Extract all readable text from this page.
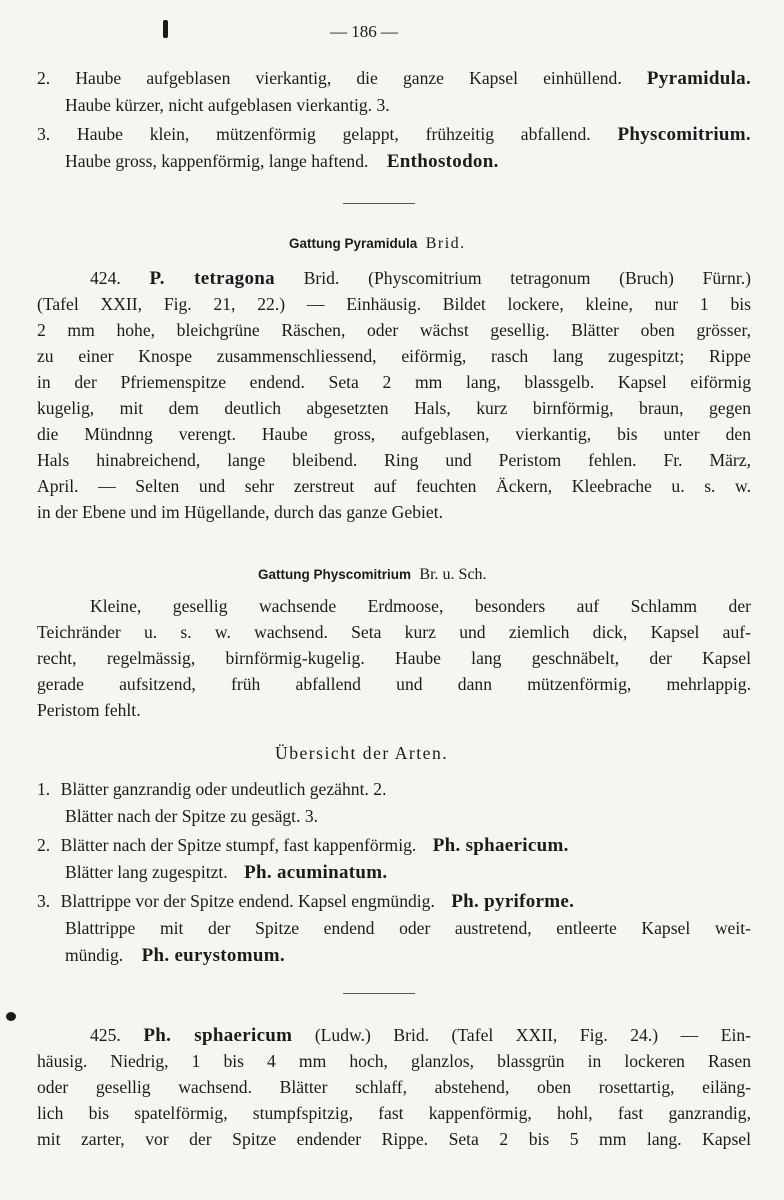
— 186 —
2. Haube aufgeblasen vierkantig, die ganze Kapsel einhüllend. Pyramidula.
Haube kürzer, nicht aufgeblasen vierkantig. 3.
3. Haube klein, mützenförmig gelappt, frühzeitig abfallend. Physcomitrium.
Haube gross, kappenförmig, lange haftend. Enthostodon.
Gattung Pyramidula Brid.
424. P. tetragona Brid. (Physcomitrium tetragonum (Bruch) Fürnr.)
(Tafel XXII, Fig. 21, 22.) — Einhäusig. Bildet lockere, kleine, nur 1 bis
2 mm hohe, bleichgrüne Räschen, oder wächst gesellig. Blätter oben grösser,
zu einer Knospe zusammenschliessend, eiförmig, rasch lang zugespitzt; Rippe
in der Pfriemenspitze endend. Seta 2 mm lang, blassgelb. Kapsel eiförmig
kugelig, mit dem deutlich abgesetzten Hals, kurz birnförmig, braun, gegen
die Mündnng verengt. Haube gross, aufgeblasen, vierkantig, bis unter den
Hals hinabreichend, lange bleibend. Ring und Peristom fehlen. Fr. März,
April. — Selten und sehr zerstreut auf feuchten Äckern, Kleebrache u. s. w.
in der Ebene und im Hügellande, durch das ganze Gebiet.
Gattung Physcomitrium Br. u. Sch.
Kleine, gesellig wachsende Erdmoose, besonders auf Schlamm der
Teichränder u. s. w. wachsend. Seta kurz und ziemlich dick, Kapsel auf-
recht, regelmässig, birnförmig-kugelig. Haube lang geschnäbelt, der Kapsel
gerade aufsitzend, früh abfallend und dann mützenförmig, mehrlappig.
Peristom fehlt.
Übersicht der Arten.
1. Blätter ganzrandig oder undeutlich gezähnt. 2.
Blätter nach der Spitze zu gesägt. 3.
2. Blätter nach der Spitze stumpf, fast kappenförmig. Ph. sphaericum.
Blätter lang zugespitzt. Ph. acuminatum.
3. Blattrippe vor der Spitze endend. Kapsel engmündig. Ph. pyriforme.
Blattrippe mit der Spitze endend oder austretend, entleerte Kapsel weit-
mündig. Ph. eurystomum.
425. Ph. sphaericum (Ludw.) Brid. (Tafel XXII, Fig. 24.) — Ein-
häusig. Niedrig, 1 bis 4 mm hoch, glanzlos, blassgrün in lockeren Rasen
oder gesellig wachsend. Blätter schlaff, abstehend, oben rosettartig, eiläng-
lich bis spatelförmig, stumpfspitzig, fast kappenförmig, hohl, fast ganzrandig,
mit zarter, vor der Spitze endender Rippe. Seta 2 bis 5 mm lang. Kapsel
